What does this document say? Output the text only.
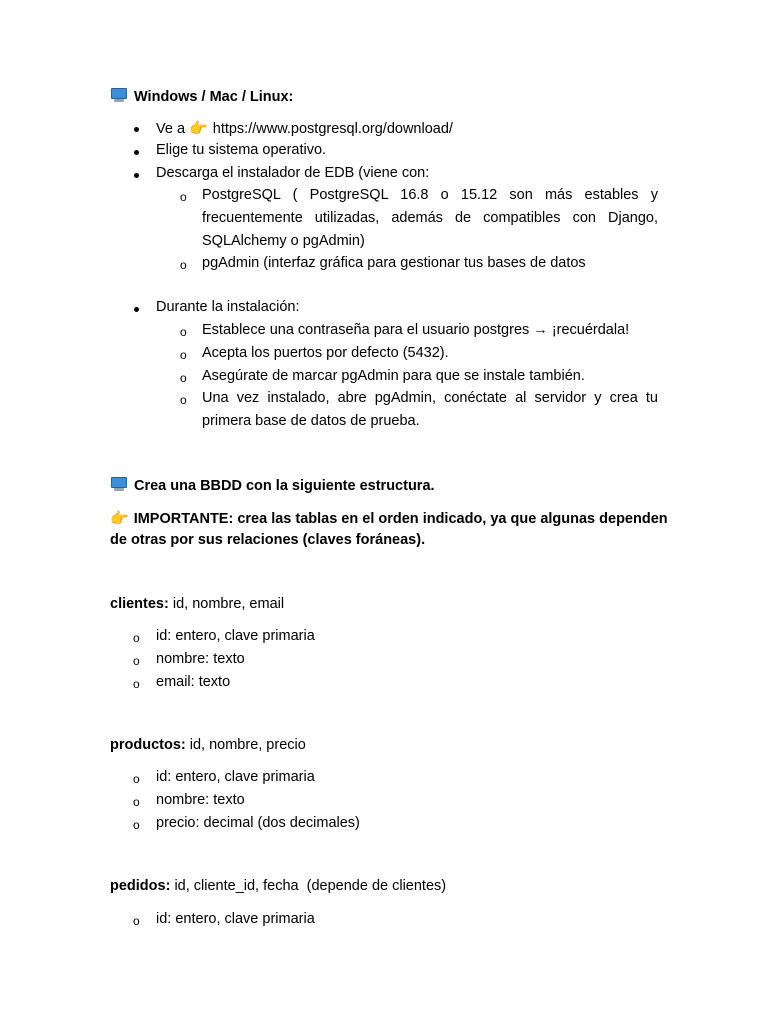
Windows / Mac / Linux:
Ve a 👉 https://www.postgresql.org/download/
Elige tu sistema operativo.
Descarga el instalador de EDB (viene con:
o PostgreSQL ( PostgreSQL 16.8 o 15.12 son más estables y
frecuentemente utilizadas, además de compatibles con Django,
SQLAlchemy o pgAdmin)
o pgAdmin (interfaz gráfica para gestionar tus bases de datos
Durante la instalación:
o Establece una contraseña para el usuario postgres → ¡recuérdala!
o Acepta los puertos por defecto (5432).
o Asegúrate de marcar pgAdmin para que se instale también.
o Una vez instalado, abre pgAdmin, conéctate al servidor y crea tu
primera base de datos de prueba.
Crea una BBDD con la siguiente estructura.
👉 IMPORTANTE: crea las tablas en el orden indicado, ya que algunas dependen
de otras por sus relaciones (claves foráneas).
clientes: id, nombre, email
o id: entero, clave primaria
o nombre: texto
o email: texto
productos: id, nombre, precio
o id: entero, clave primaria
o nombre: texto
o precio: decimal (dos decimales)
pedidos: id, cliente_id, fecha  (depende de clientes)
o id: entero, clave primaria
